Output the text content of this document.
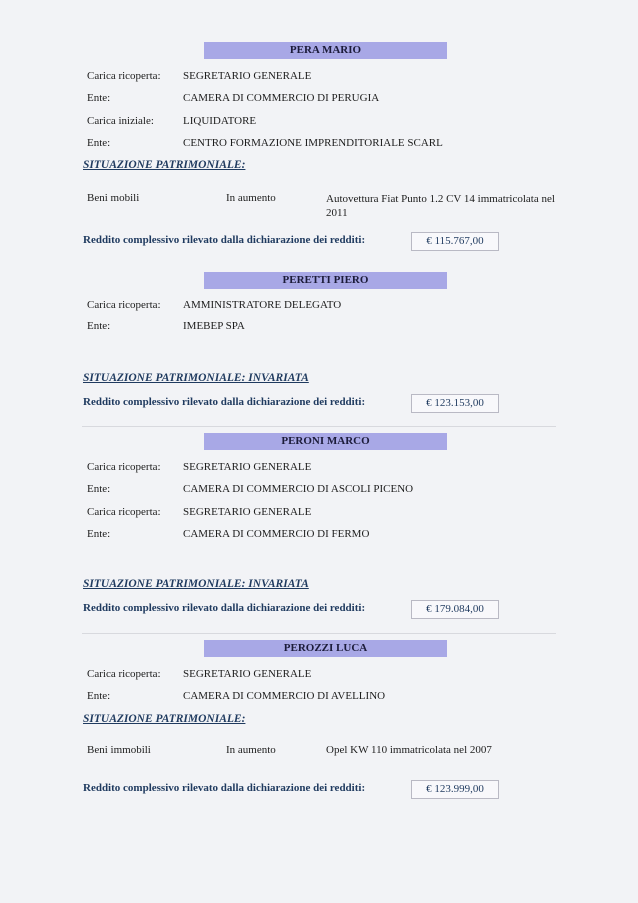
PERA MARIO
Carica ricoperta: SEGRETARIO GENERALE
Ente:	CAMERA DI COMMERCIO DI PERUGIA
Carica iniziale:	LIQUIDATORE
Ente:	CENTRO FORMAZIONE IMPRENDITORIALE SCARL
SITUAZIONE PATRIMONIALE:
Beni mobili	In aumento	Autovettura Fiat Punto 1.2 CV 14 immatricolata nel 2011
Reddito complessivo rilevato dalla dichiarazione dei redditi:	€ 115.767,00
PERETTI PIERO
Carica ricoperta: AMMINISTRATORE DELEGATO
Ente:	IMEBEP SPA
SITUAZIONE PATRIMONIALE: INVARIATA
Reddito complessivo rilevato dalla dichiarazione dei redditi:	€ 123.153,00
PERONI MARCO
Carica ricoperta: SEGRETARIO GENERALE
Ente:	CAMERA DI COMMERCIO DI ASCOLI PICENO
Carica ricoperta: SEGRETARIO GENERALE
Ente:	CAMERA DI COMMERCIO DI FERMO
SITUAZIONE PATRIMONIALE: INVARIATA
Reddito complessivo rilevato dalla dichiarazione dei redditi:	€ 179.084,00
PEROZZI LUCA
Carica ricoperta: SEGRETARIO GENERALE
Ente:	CAMERA DI COMMERCIO DI AVELLINO
SITUAZIONE PATRIMONIALE:
Beni immobili	In aumento	Opel KW 110 immatricolata nel 2007
Reddito complessivo rilevato dalla dichiarazione dei redditi:	€ 123.999,00
